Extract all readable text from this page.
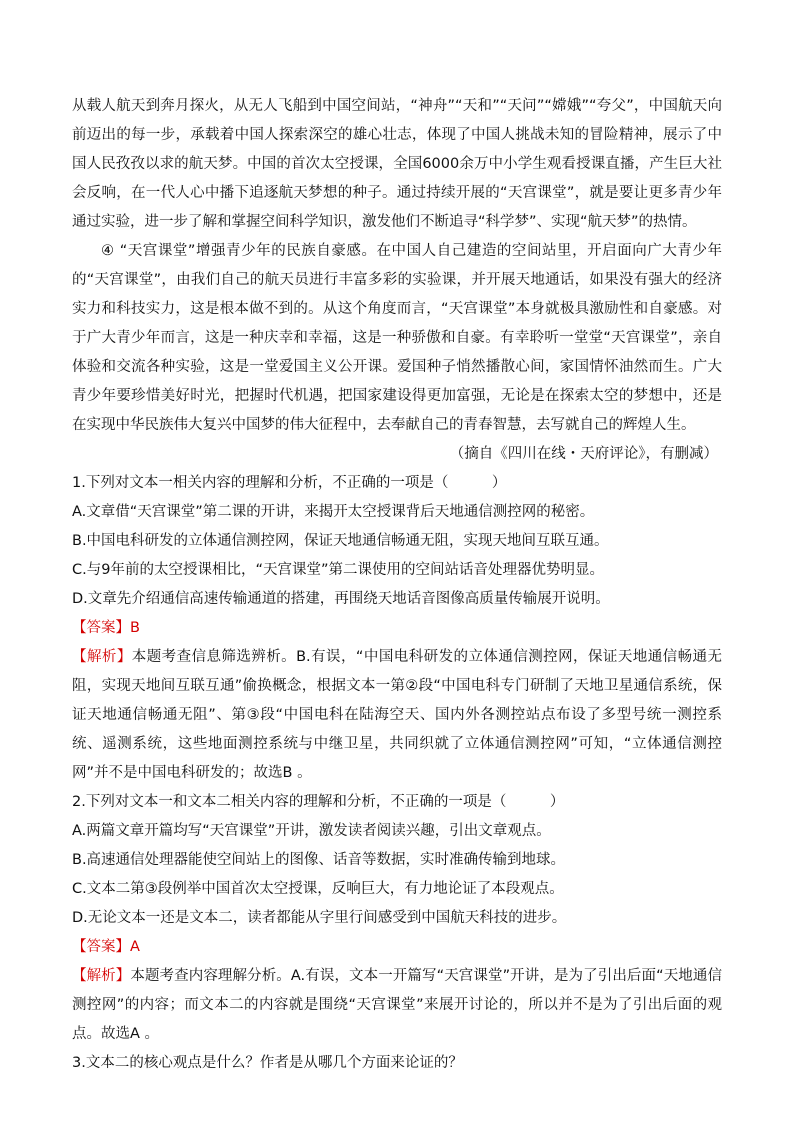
从载人航天到奔月探火，从无人飞船到中国空间站，“神舟”“天和”“天问”“嫦娥”“夸父”，中国航天向前迈出的每一步，承载着中国人探索深空的雄心壮志，体现了中国人挑战未知的冒险精神，展示了中国人民孜孜以求的航天梦。中国的首次太空授课，全国6000余万中小学生观看授课直播，产生巨大社会反响，在一代人心中播下追逐航天梦想的种子。通过持续开展的“天宫课堂”，就是要让更多青少年通过实验，进一步了解和掌握空间科学知识，激发他们不断追寻“科学梦”、实现“航天梦”的热情。

④ “天宫课堂”增强青少年的民族自豪感。在中国人自己建造的空间站里，开启面向广大青少年的“天宫课堂”，由我们自己的航天员进行丰富多彩的实验课，并开展天地通话，如果没有强大的经济实力和科技实力，这是根本做不到的。从这个角度而言，“天宫课堂”本身就极具激励性和自豪感。对于广大青少年而言，这是一种庆幸和幸福，这是一种骄傲和自豪。有幸聆听一堂堂“天宫课堂”，亲自体验和交流各种实验，这是一堂爱国主义公开课。爱国种子悄然播散心间，家国情怀油然而生。广大青少年要珍惜美好时光，把握时代机遇，把国家建设得更加富强，无论是在探索太空的梦想中，还是在实现中华民族伟大复兴中国梦的伟大征程中，去奉献自己的青春智慧，去写就自己的辉煌人生。

（摘自《四川在线・天府评论》，有删减）

1.下列对文本一相关内容的理解和分析，不正确的一项是（　　　）

A.文章借“天宫课堂”第二课的开讲，来揭开太空授课背后天地通信测控网的秘密。

B.中国电科研发的立体通信测控网，保证天地通信畅通无阻，实现天地间互联互通。

C.与9年前的太空授课相比，“天宫课堂”第二课使用的空间站话音处理器优势明显。

D.文章先介绍通信高速传输通道的搭建，再围绕天地话音图像高质量传输展开说明。

【答案】B

【解析】本题考查信息筛选辨析。B.有误，“中国电科研发的立体通信测控网，保证天地通信畅通无阻，实现天地间互联互通”偷换概念，根据文本一第②段“中国电科专门研制了天地卫星通信系统，保证天地通信畅通无阻”、第③段“中国电科在陆海空天、国内外各测控站点布设了多型号统一测控系统、遥测系统，这些地面测控系统与中继卫星，共同织就了立体通信测控网”可知，“立体通信测控网”并不是中国电科研发的；故选B 。

2.下列对文本一和文本二相关内容的理解和分析，不正确的一项是（　　　）

A.两篇文章开篇均写“天宫课堂”开讲，激发读者阅读兴趣，引出文章观点。

B.高速通信处理器能使空间站上的图像、话音等数据，实时准确传输到地球。

C.文本二第③段例举中国首次太空授课，反响巨大，有力地论证了本段观点。

D.无论文本一还是文本二，读者都能从字里行间感受到中国航天科技的进步。

【答案】A

【解析】本题考查内容理解分析。A.有误，文本一开篇写“天宫课堂”开讲，是为了引出后面“天地通信测控网”的内容；而文本二的内容就是围绕“天宫课堂”来展开讨论的，所以并不是为了引出后面的观点。故选A 。

3.文本二的核心观点是什么？作者是从哪几个方面来论证的？
